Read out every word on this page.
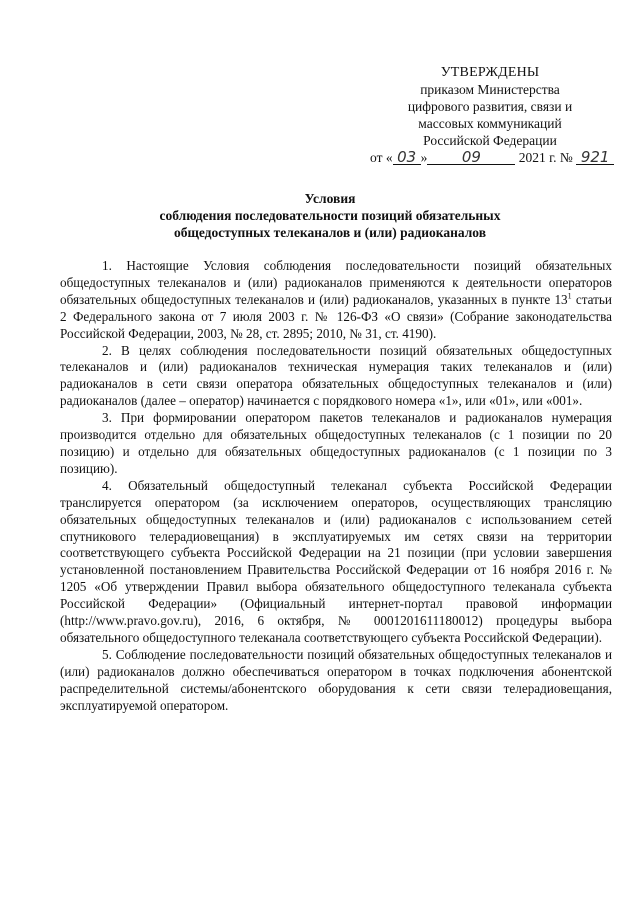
УТВЕРЖДЕНЫ
приказом Министерства
цифрового развития, связи и
массовых коммуникаций
Российской Федерации
от « 03 » 09	2021 г. № 921
Условия
соблюдения последовательности позиций обязательных
общедоступных телеканалов и (или) радиоканалов

1. Настоящие Условия соблюдения последовательности позиций обязательных общедоступных телеканалов и (или) радиоканалов применяются к деятельности операторов обязательных общедоступных телеканалов и (или) радиоканалов, указанных в пункте $13^1$ статьи 2 Федерального закона от 7 июля 2003 г. № 126-ФЗ «О связи» (Собрание законодательства Российской Федерации, 2003, № 28, ст. 2895; 2010, № 31, ст. 4190).

2. В целях соблюдения последовательности позиций обязательных общедоступных телеканалов и (или) радиоканалов техническая нумерация таких телеканалов и (или) радиоканалов в сети связи оператора обязательных общедоступных телеканалов и (или) радиоканалов (далее – оператор) начинается с порядкового номера «1», или «01», или «001».

3. При формировании оператором пакетов телеканалов и радиоканалов нумерация производится отдельно для обязательных общедоступных телеканалов (с 1 позиции по 20 позицию) и отдельно для обязательных общедоступных радиоканалов (с 1 позиции по 3 позицию).

4. Обязательный общедоступный телеканал субъекта Российской Федерации транслируется оператором (за исключением операторов, осуществляющих трансляцию обязательных общедоступных телеканалов и (или) радиоканалов с использованием сетей спутникового телерадиовещания) в эксплуатируемых им сетях связи на территории соответствующего субъекта Российской Федерации на 21 позиции (при условии завершения установленной постановлением Правительства Российской Федерации от 16 ноября 2016 г. № 1205 «Об утверждении Правил выбора обязательного общедоступного телеканала субъекта Российской Федерации» (Официальный интернет-портал правовой информации (http://www.pravo.gov.ru), 2016, 6 октября, № 0001201611180012) процедуры выбора обязательного общедоступного телеканала соответствующего субъекта Российской Федерации).

5. Соблюдение последовательности позиций обязательных общедоступных телеканалов и (или) радиоканалов должно обеспечиваться оператором в точках подключения абонентской распределительной системы/абонентского оборудования к сети связи телерадиовещания, эксплуатируемой оператором.
